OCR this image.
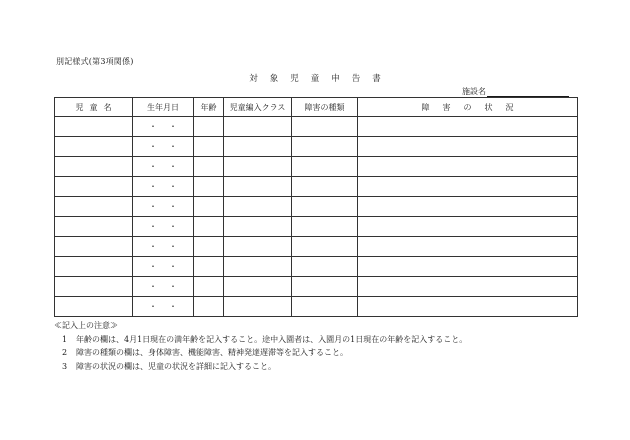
別記様式(第3項関係)
対象児童申告書
施設名
児童名	生年月日	年齢	児童編入クラス	障害の種類	障害の状況
	・・				
	・・				
	・・				
	・・				
	・・				
	・・				
	・・				
	・・				
	・・				
	・・				
≪記入上の注意≫
1 年齢の欄は、4月1日現在の満年齢を記入すること。途中入園者は、入園月の1日現在の年齢を記入すること。
2 障害の種類の欄は、身体障害、機能障害、精神発達遅滞等を記入すること。
3 障害の状況の欄は、児童の状況を詳細に記入すること。
